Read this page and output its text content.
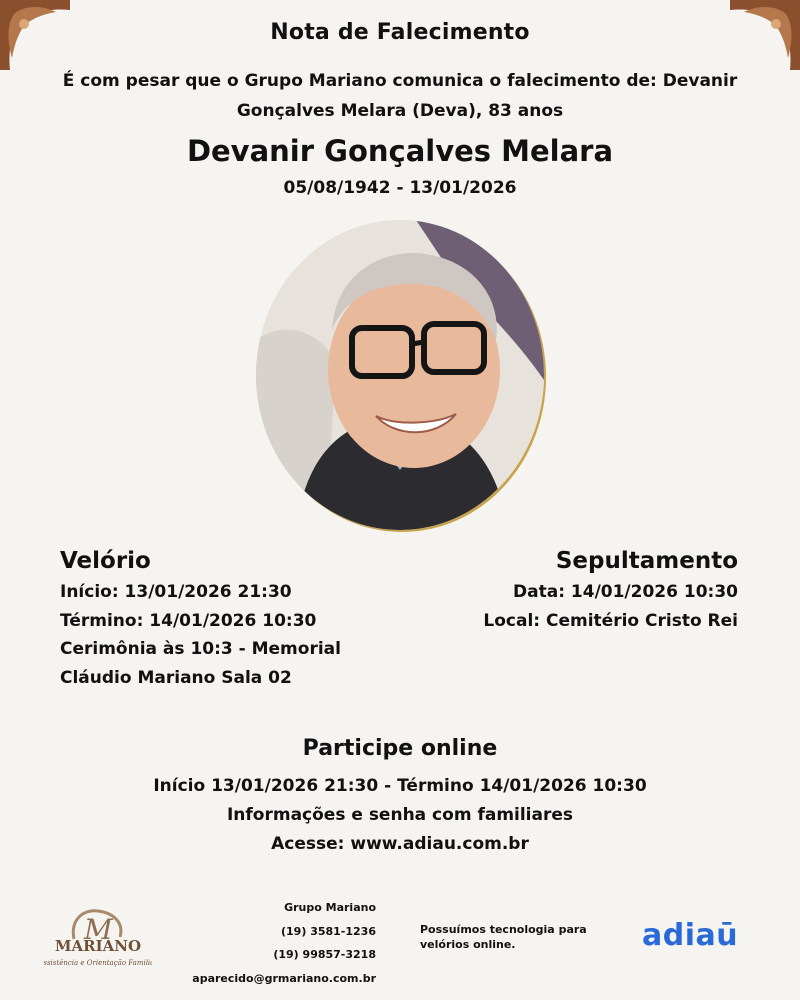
Nota de Falecimento
É com pesar que o Grupo Mariano comunica o falecimento de: Devanir Gonçalves Melara (Deva), 83 anos
Devanir Gonçalves Melara
05/08/1942 - 13/01/2026
Velório
Início: 13/01/2026 21:30
Término: 14/01/2026 10:30
Cerimônia às 10:3 - Memorial
Cláudio Mariano Sala 02
Sepultamento
Data: 14/01/2026 10:30
Local: Cemitério Cristo Rei
Participe online
Início 13/01/2026 21:30 - Término 14/01/2026 10:30
Informações e senha com familiares
Acesse: www.adiau.com.br
M
MARIANO
Assistência e Orientação Familiar
Grupo Mariano
(19) 3581-1236
(19) 99857-3218
aparecido@grmariano.com.br
Possuímos tecnologia para velórios online.	adiaū
